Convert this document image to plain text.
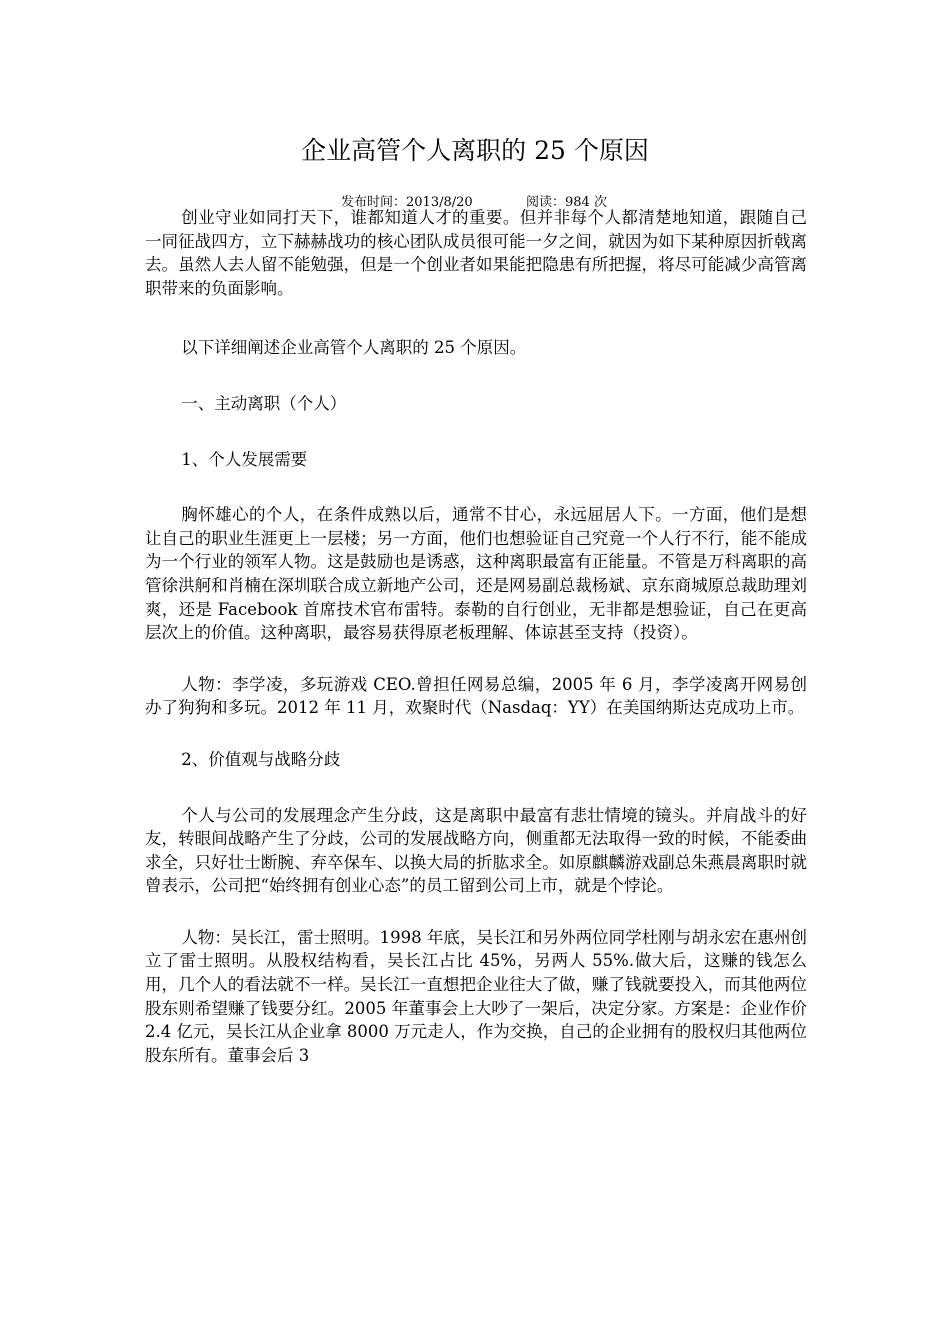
企业高管个人离职的 25 个原因
发布时间：2013/8/20	阅读：984 次

创业守业如同打天下，谁都知道人才的重要。但并非每个人都清楚地知道，跟随自己一同征战四方，立下赫赫战功的核心团队成员很可能一夕之间，就因为如下某种原因折戟离去。虽然人去人留不能勉强，但是一个创业者如果能把隐患有所把握，将尽可能减少高管离职带来的负面影响。

以下详细阐述企业高管个人离职的 25 个原因。

一、主动离职（个人）

1、个人发展需要

胸怀雄心的个人，在条件成熟以后，通常不甘心，永远屈居人下。一方面，他们是想让自己的职业生涯更上一层楼；另一方面，他们也想验证自己究竟一个人行不行，能不能成为一个行业的领军人物。这是鼓励也是诱惑，这种离职最富有正能量。不管是万科离职的高管徐洪舸和肖楠在深圳联合成立新地产公司，还是网易副总裁杨斌、京东商城原总裁助理刘爽，还是 Facebook 首席技术官布雷特。泰勒的自行创业，无非都是想验证，自己在更高层次上的价值。这种离职，最容易获得原老板理解、体谅甚至支持（投资）。

人物：李学凌，多玩游戏 CEO.曾担任网易总编，2005 年 6 月，李学凌离开网易创办了狗狗和多玩。2012 年 11 月，欢聚时代（Nasdaq：YY）在美国纳斯达克成功上市。

2、价值观与战略分歧

个人与公司的发展理念产生分歧，这是离职中最富有悲壮情境的镜头。并肩战斗的好友，转眼间战略产生了分歧，公司的发展战略方向，侧重都无法取得一致的时候，不能委曲求全，只好壮士断腕、弃卒保车、以换大局的折肱求全。如原麒麟游戏副总朱燕晨离职时就曾表示，公司把“始终拥有创业心态”的员工留到公司上市，就是个悖论。

人物：吴长江，雷士照明。1998 年底，吴长江和另外两位同学杜刚与胡永宏在惠州创立了雷士照明。从股权结构看，吴长江占比 45%，另两人 55%.做大后，这赚的钱怎么用，几个人的看法就不一样。吴长江一直想把企业往大了做，赚了钱就要投入，而其他两位股东则希望赚了钱要分红。2005 年董事会上大吵了一架后，决定分家。方案是：企业作价 2.4 亿元，吴长江从企业拿 8000 万元走人，作为交换，自己的企业拥有的股权归其他两位股东所有。董事会后 3
